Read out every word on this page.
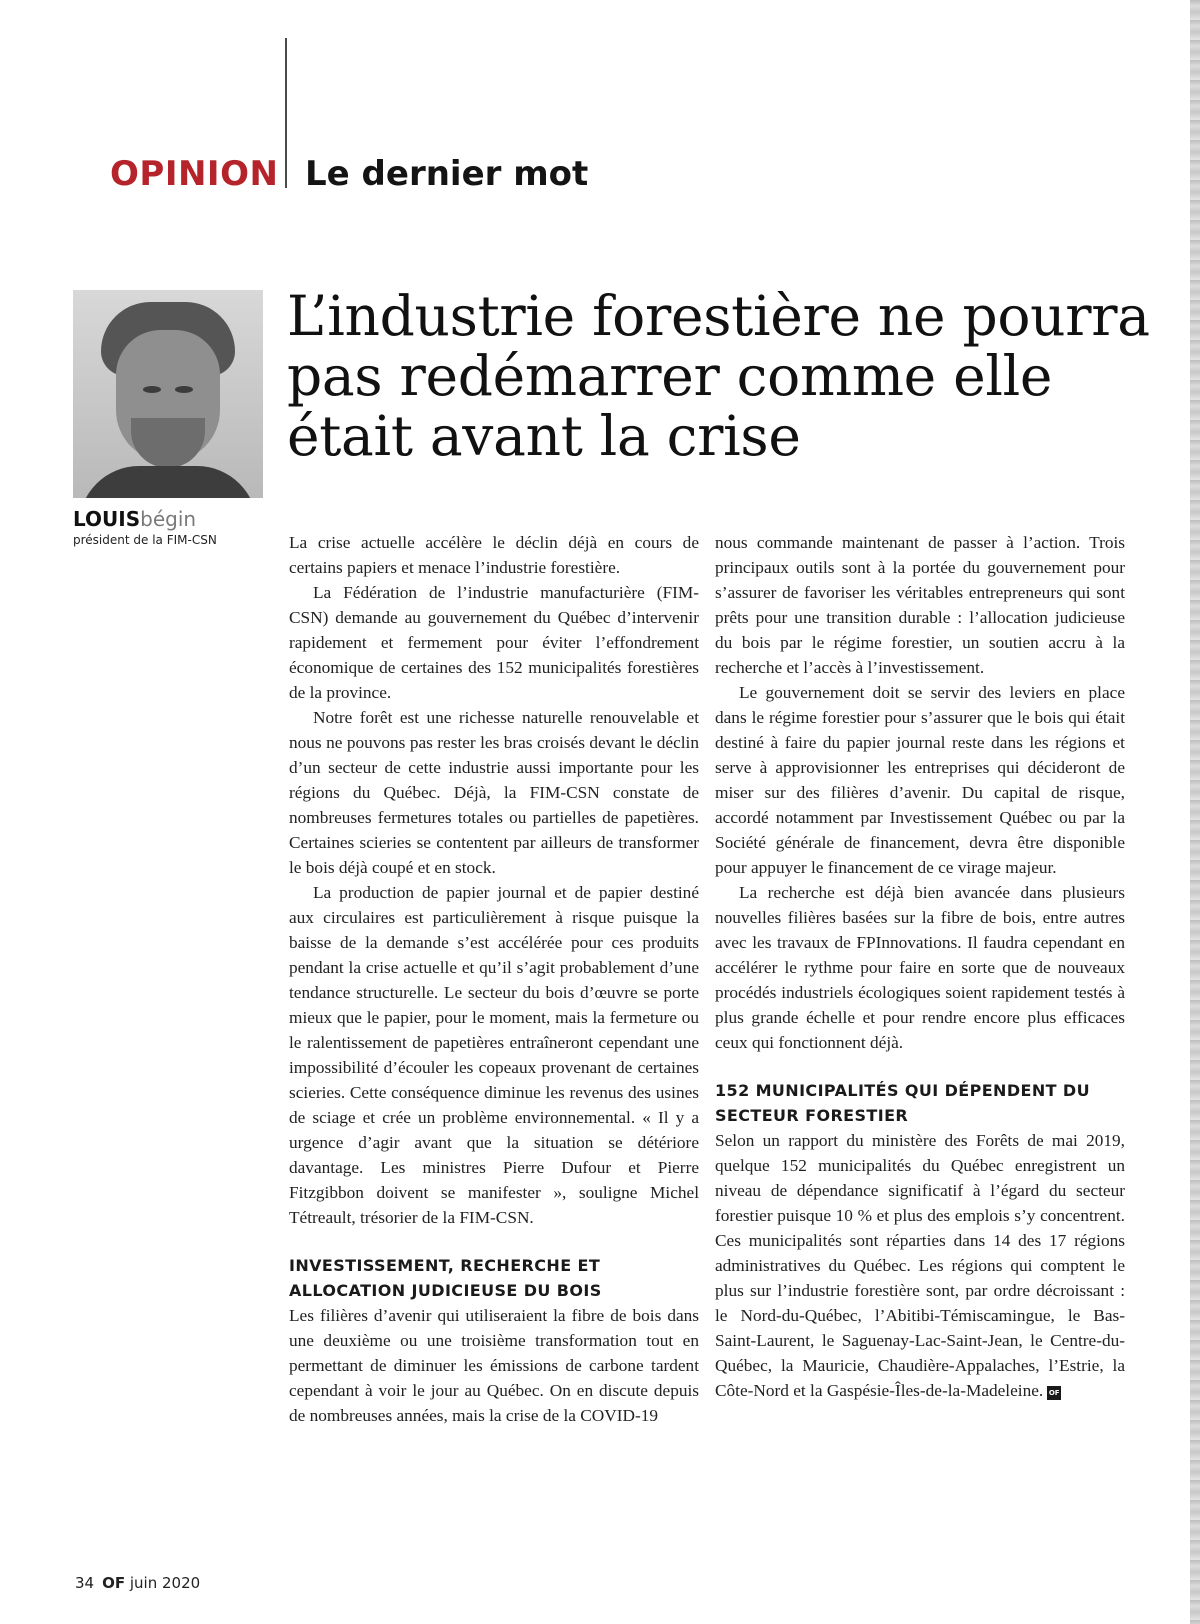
OPINION Le dernier mot
LOUISbégin
président de la FIM-CSN
L’industrie forestière ne pourra pas redémarrer comme elle était avant la crise

La crise actuelle accélère le déclin déjà en cours de certains papiers et menace l’industrie forestière.

La Fédération de l’industrie manufacturière (FIM-CSN) demande au gouvernement du Québec d’intervenir rapidement et fermement pour éviter l’effondrement économique de certaines des 152 municipalités forestières de la province.

Notre forêt est une richesse naturelle renouvelable et nous ne pouvons pas rester les bras croisés devant le déclin d’un secteur de cette industrie aussi importante pour les régions du Québec. Déjà, la FIM-CSN constate de nombreuses fermetures totales ou partielles de papetières. Certaines scieries se contentent par ailleurs de transformer le bois déjà coupé et en stock.

La production de papier journal et de papier destiné aux circulaires est particulièrement à risque puisque la baisse de la demande s’est accélérée pour ces produits pendant la crise actuelle et qu’il s’agit probablement d’une tendance structurelle. Le secteur du bois d’œuvre se porte mieux que le papier, pour le moment, mais la fermeture ou le ralentissement de papetières entraîneront cependant une impossibilité d’écouler les copeaux provenant de certaines scieries. Cette conséquence diminue les revenus des usines de sciage et crée un problème environnemental. « Il y a urgence d’agir avant que la situation se détériore davantage. Les ministres Pierre Dufour et Pierre Fitzgibbon doivent se manifester », souligne Michel Tétreault, trésorier de la FIM-CSN.

INVESTISSEMENT, RECHERCHE ET ALLOCATION JUDICIEUSE DU BOIS

Les filières d’avenir qui utiliseraient la fibre de bois dans une deuxième ou une troisième transformation tout en permettant de diminuer les émissions de carbone tardent cependant à voir le jour au Québec. On en discute depuis de nombreuses années, mais la crise de la COVID-19

nous commande maintenant de passer à l’action. Trois principaux outils sont à la portée du gouvernement pour s’assurer de favoriser les véritables entrepreneurs qui sont prêts pour une transition durable : l’allocation judicieuse du bois par le régime forestier, un soutien accru à la recherche et l’accès à l’investissement.

Le gouvernement doit se servir des leviers en place dans le régime forestier pour s’assurer que le bois qui était destiné à faire du papier journal reste dans les régions et serve à approvisionner les entreprises qui décideront de miser sur des filières d’avenir. Du capital de risque, accordé notamment par Investissement Québec ou par la Société générale de financement, devra être disponible pour appuyer le financement de ce virage majeur.

La recherche est déjà bien avancée dans plusieurs nouvelles filières basées sur la fibre de bois, entre autres avec les travaux de FPInnovations. Il faudra cependant en accélérer le rythme pour faire en sorte que de nouveaux procédés industriels écologiques soient rapidement testés à plus grande échelle et pour rendre encore plus efficaces ceux qui fonctionnent déjà.

152 MUNICIPALITÉS QUI DÉPENDENT DU SECTEUR FORESTIER

Selon un rapport du ministère des Forêts de mai 2019, quelque 152 municipalités du Québec enregistrent un niveau de dépendance significatif à l’égard du secteur forestier puisque 10 % et plus des emplois s’y concentrent. Ces municipalités sont réparties dans 14 des 17 régions administratives du Québec. Les régions qui comptent le plus sur l’industrie forestière sont, par ordre décroissant : le Nord-du-Québec, l’Abitibi-Témiscamingue, le Bas-Saint-Laurent, le Saguenay-Lac-Saint-Jean, le Centre-du-Québec, la Mauricie, Chaudière-Appalaches, l’Estrie, la Côte-Nord et la Gaspésie-Îles-de-la-Madeleine. OF

34 OF juin 2020
